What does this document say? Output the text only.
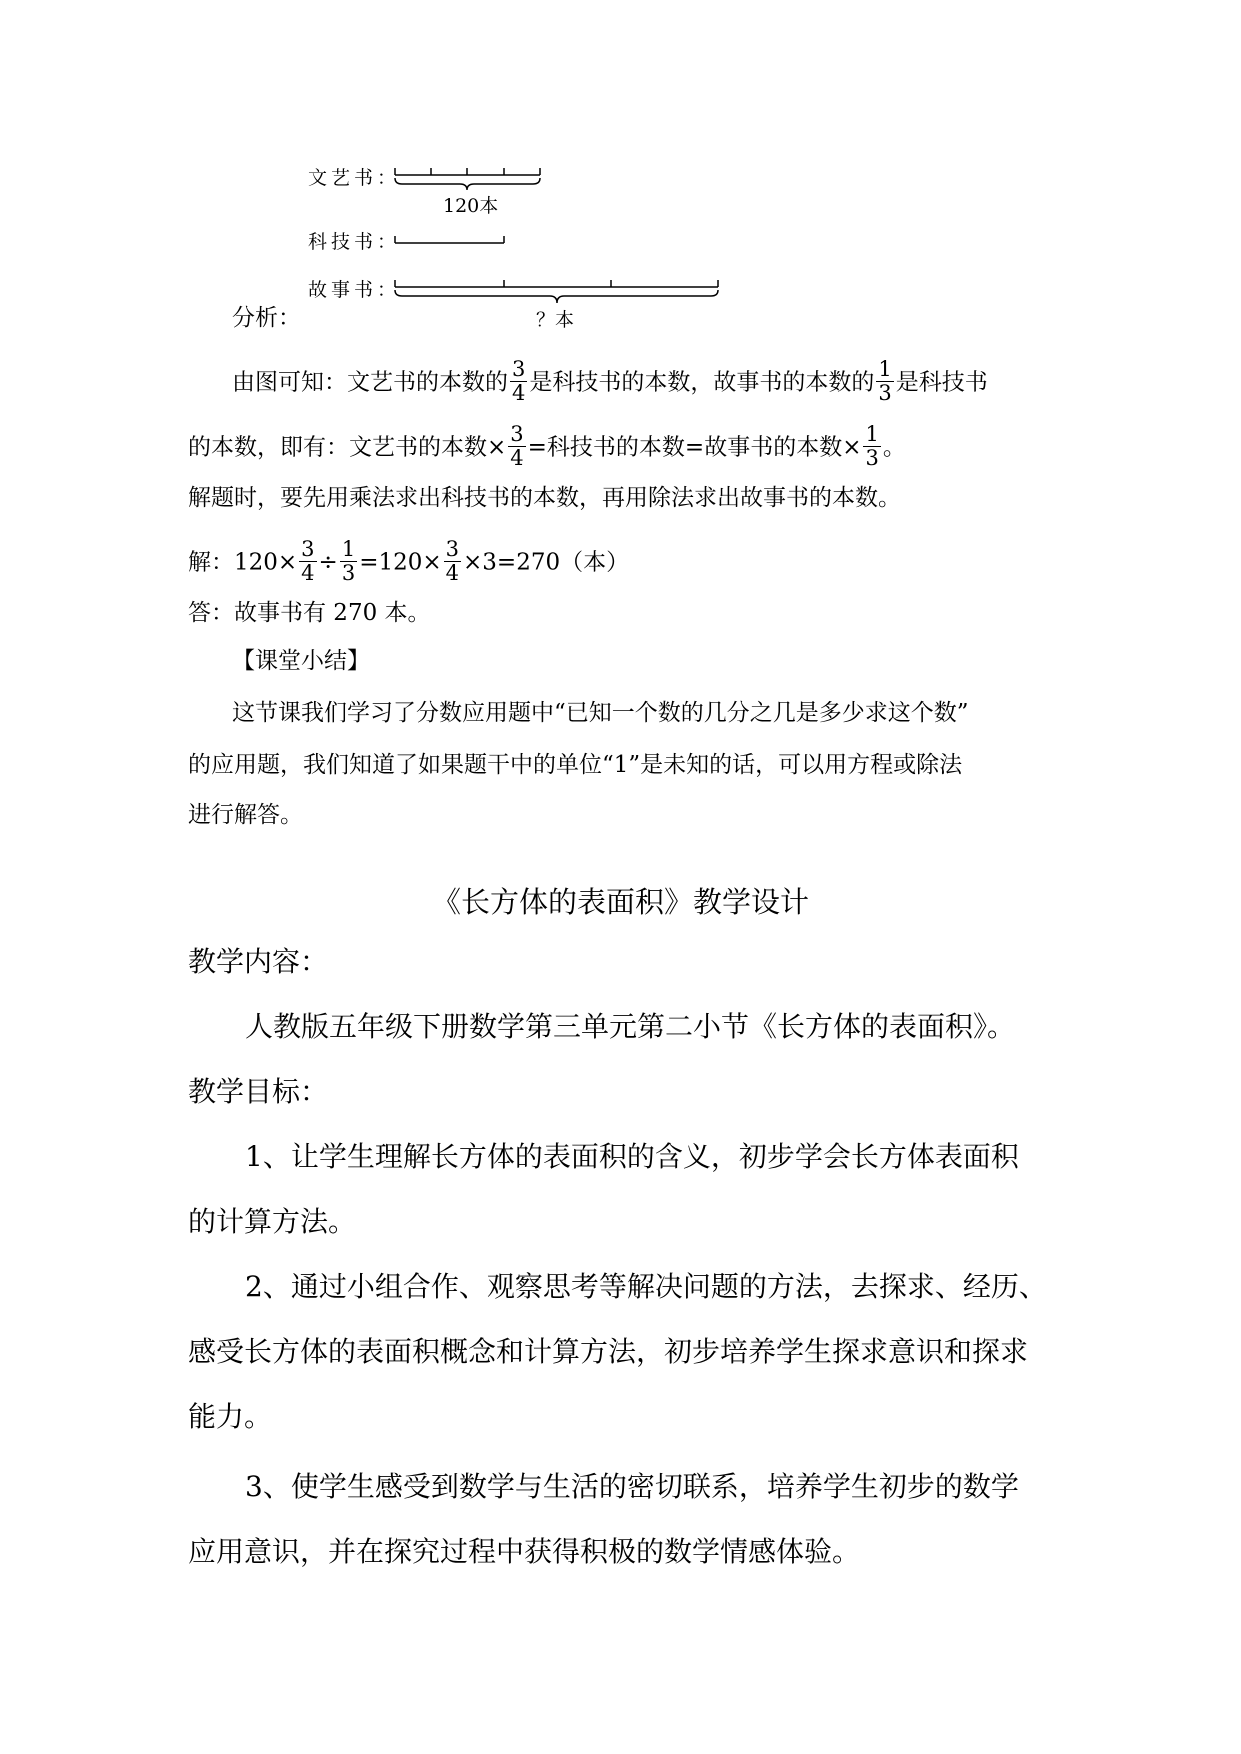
文艺书：
科技书：
故事书：
120本
？本
分析：
由图可知：文艺书的本数的 $\frac{3}{4}$ 是科技书的本数，故事书的本数的 $\frac{1}{3}$ 是科技书
的本数，即有：文艺书的本数× $\frac{3}{4}$ =科技书的本数=故事书的本数× $\frac{1}{3}$ 。
解题时，要先用乘法求出科技书的本数，再用除法求出故事书的本数。
解：$120\times \frac{3}{4} \div \frac{1}{3} =120\times \frac{3}{4} \times 3=270$（本）
答：故事书有 270 本。
【课堂小结】
这节课我们学习了分数应用题中“已知一个数的几分之几是多少求这个数”
的应用题，我们知道了如果题干中的单位“1”是未知的话，可以用方程或除法
进行解答。
《长方体的表面积》教学设计
教学内容：
人教版五年级下册数学第三单元第二小节《长方体的表面积》。
教学目标：
1、让学生理解长方体的表面积的含义，初步学会长方体表面积
的计算方法。
2、通过小组合作、观察思考等解决问题的方法，去探求、经历、
感受长方体的表面积概念和计算方法，初步培养学生探求意识和探求
能力。
3、使学生感受到数学与生活的密切联系，培养学生初步的数学
应用意识，并在探究过程中获得积极的数学情感体验。
